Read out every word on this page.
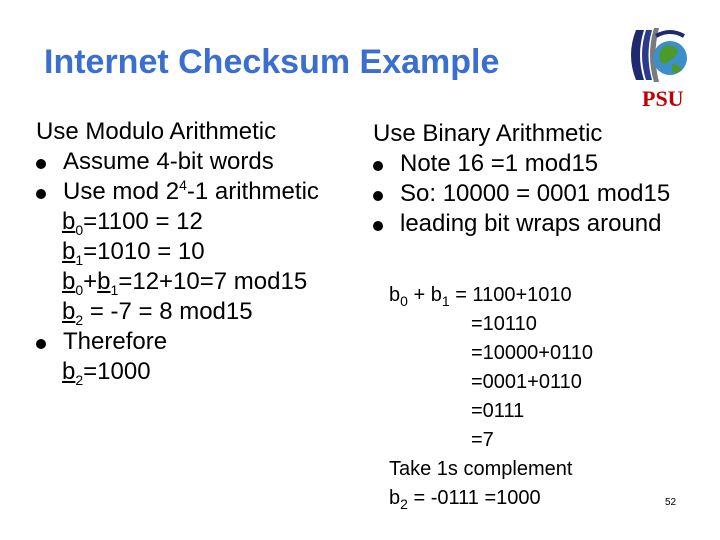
Internet Checksum Example
PSU
Use Modulo Arithmetic
Assume 4-bit words
Use mod $2^4-1$ arithmetic
$b_0=1100 = 12$
$b_1=1010 = 10$
$b_0+b_1=12+10=7$ mod15
$b_2 = -7 = 8$ mod15
Therefore
$b_2=1000$
Use Binary Arithmetic
Note 16 =1 mod15
So: 10000 = 0001 mod15
leading bit wraps around
$b_0 + b_1 = 1100+1010$
=10110
=10000+0110
=0001+0110
=0111
=7
Take 1s complement
$b_2 = -0111 =1000$	52
